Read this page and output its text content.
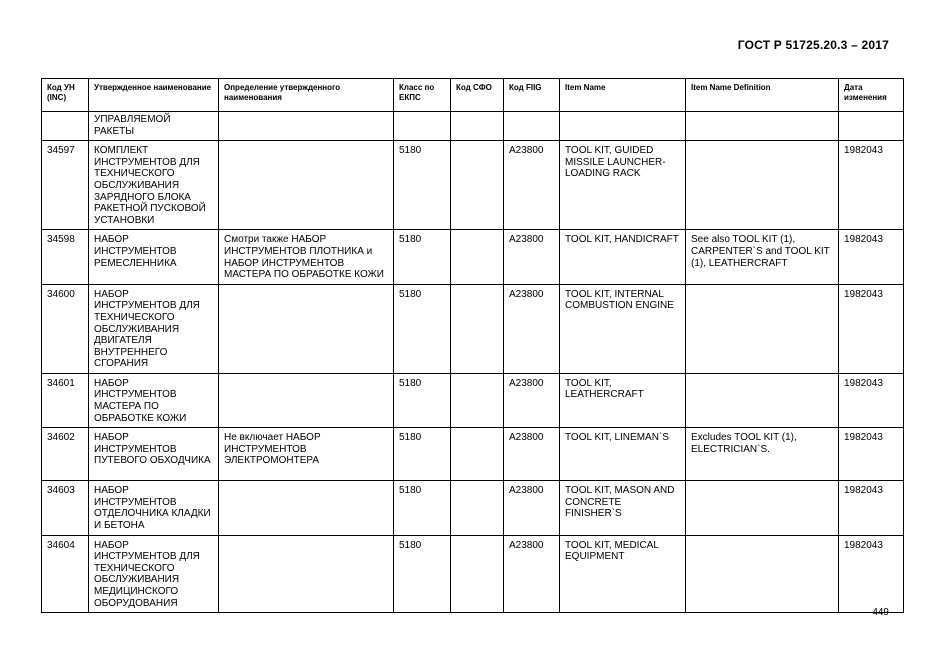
ГОСТ Р 51725.20.3 – 2017
Код УН (INC)	Утвержденное наименование	Определение утвержденного наименования	Класс по ЕКПС	Код СФО	Код FIIG	Item Name	Item Name Definition	Дата изменения
	УПРАВЛЯЕМОЙ РАКЕТЫ							
34597	КОМПЛЕКТ ИНСТРУМЕНТОВ ДЛЯ ТЕХНИЧЕСКОГО ОБСЛУЖИВАНИЯ ЗАРЯДНОГО БЛОКА РАКЕТНОЙ ПУСКОВОЙ УСТАНОВКИ		5180		A23800	TOOL KIT, GUIDED MISSILE LAUNCHER-LOADING RACK		1982043
34598	НАБОР ИНСТРУМЕНТОВ РЕМЕСЛЕННИКА	Смотри также НАБОР ИНСТРУМЕНТОВ ПЛОТНИКА и НАБОР ИНСТРУМЕНТОВ МАСТЕРА ПО ОБРАБОТКЕ КОЖИ	5180		A23800	TOOL KIT, HANDICRAFT	See also TOOL KIT (1), CARPENTER`S and TOOL KIT (1), LEATHERCRAFT	1982043
34600	НАБОР ИНСТРУМЕНТОВ ДЛЯ ТЕХНИЧЕСКОГО ОБСЛУЖИВАНИЯ ДВИГАТЕЛЯ ВНУТРЕННЕГО СГОРАНИЯ		5180		A23800	TOOL KIT, INTERNAL COMBUSTION ENGINE		1982043
34601	НАБОР ИНСТРУМЕНТОВ МАСТЕРА ПО ОБРАБОТКЕ КОЖИ		5180		A23800	TOOL KIT, LEATHERCRAFT		1982043
34602	НАБОР ИНСТРУМЕНТОВ ПУТЕВОГО ОБХОДЧИКА	Не включает НАБОР ИНСТРУМЕНТОВ ЭЛЕКТРОМОНТЕРА	5180		A23800	TOOL KIT, LINEMAN`S	Excludes TOOL KIT (1), ELECTRICIAN`S.	1982043
34603	НАБОР ИНСТРУМЕНТОВ ОТДЕЛОЧНИКА КЛАДКИ И БЕТОНА		5180		A23800	TOOL KIT, MASON AND CONCRETE FINISHER`S		1982043
34604	НАБОР ИНСТРУМЕНТОВ ДЛЯ ТЕХНИЧЕСКОГО ОБСЛУЖИВАНИЯ МЕДИЦИНСКОГО ОБОРУДОВАНИЯ		5180		A23800	TOOL KIT, MEDICAL EQUIPMENT		1982043
449
